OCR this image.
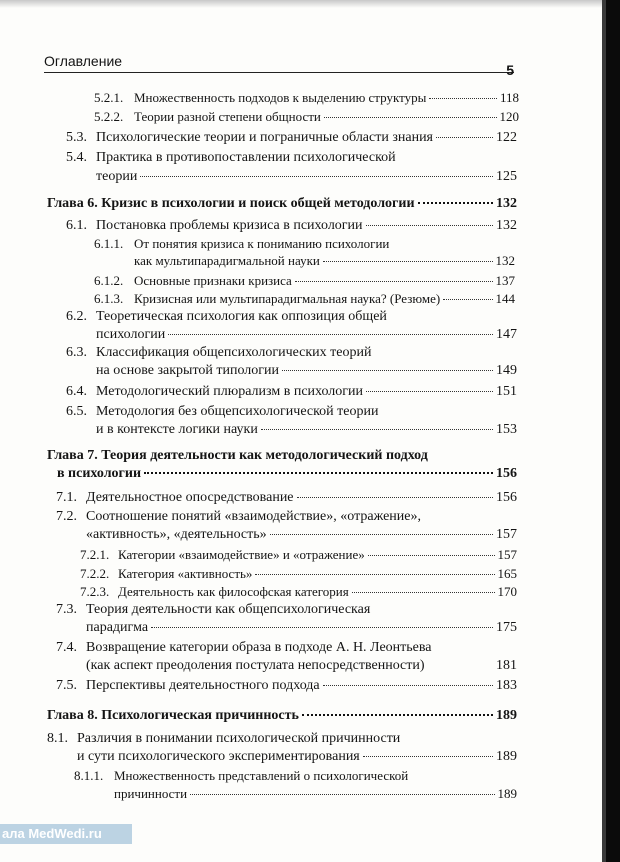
Оглавление
5
5.2.1. Множественность подходов к выделению структуры	118
5.2.2. Теории разной степени общности	120
5.3. Психологические теории и пограничные области знания	122
5.4. Практика в противопоставлении психологической
теории	125
Глава 6. Кризис в психологии и поиск общей методологии	132
6.1. Постановка проблемы кризиса в психологии	132
6.1.1. От понятия кризиса к пониманию психологии
как мультипарадигмальной науки	132
6.1.2. Основные признаки кризиса	137
6.1.3. Кризисная или мультипарадигмальная наука? (Резюме)	144
6.2. Теоретическая психология как оппозиция общей
психологии	147
6.3. Классификация общепсихологических теорий
на основе закрытой типологии	149
6.4. Методологический плюрализм в психологии	151
6.5. Методология без общепсихологической теории
и в контексте логики науки	153
Глава 7. Теория деятельности как методологический подход
в психологии	156
7.1. Деятельностное опосредствование	156
7.2. Соотношение понятий «взаимодействие», «отражение»,
«активность», «деятельность»	157
7.2.1. Категории «взаимодействие» и «отражение»	157
7.2.2. Категория «активность»	165
7.2.3. Деятельность как философская категория	170
7.3. Теория деятельности как общепсихологическая
парадигма	175
7.4. Возвращение категории образа в подходе А. Н. Леонтьева
(как аспект преодоления постулата непосредственности)	181
7.5. Перспективы деятельностного подхода	183
Глава 8. Психологическая причинность	189
8.1. Различия в понимании психологической причинности
и сути психологического экспериментирования	189
8.1.1. Множественность представлений о психологической
причинности	189
ала MedWedi.ru
